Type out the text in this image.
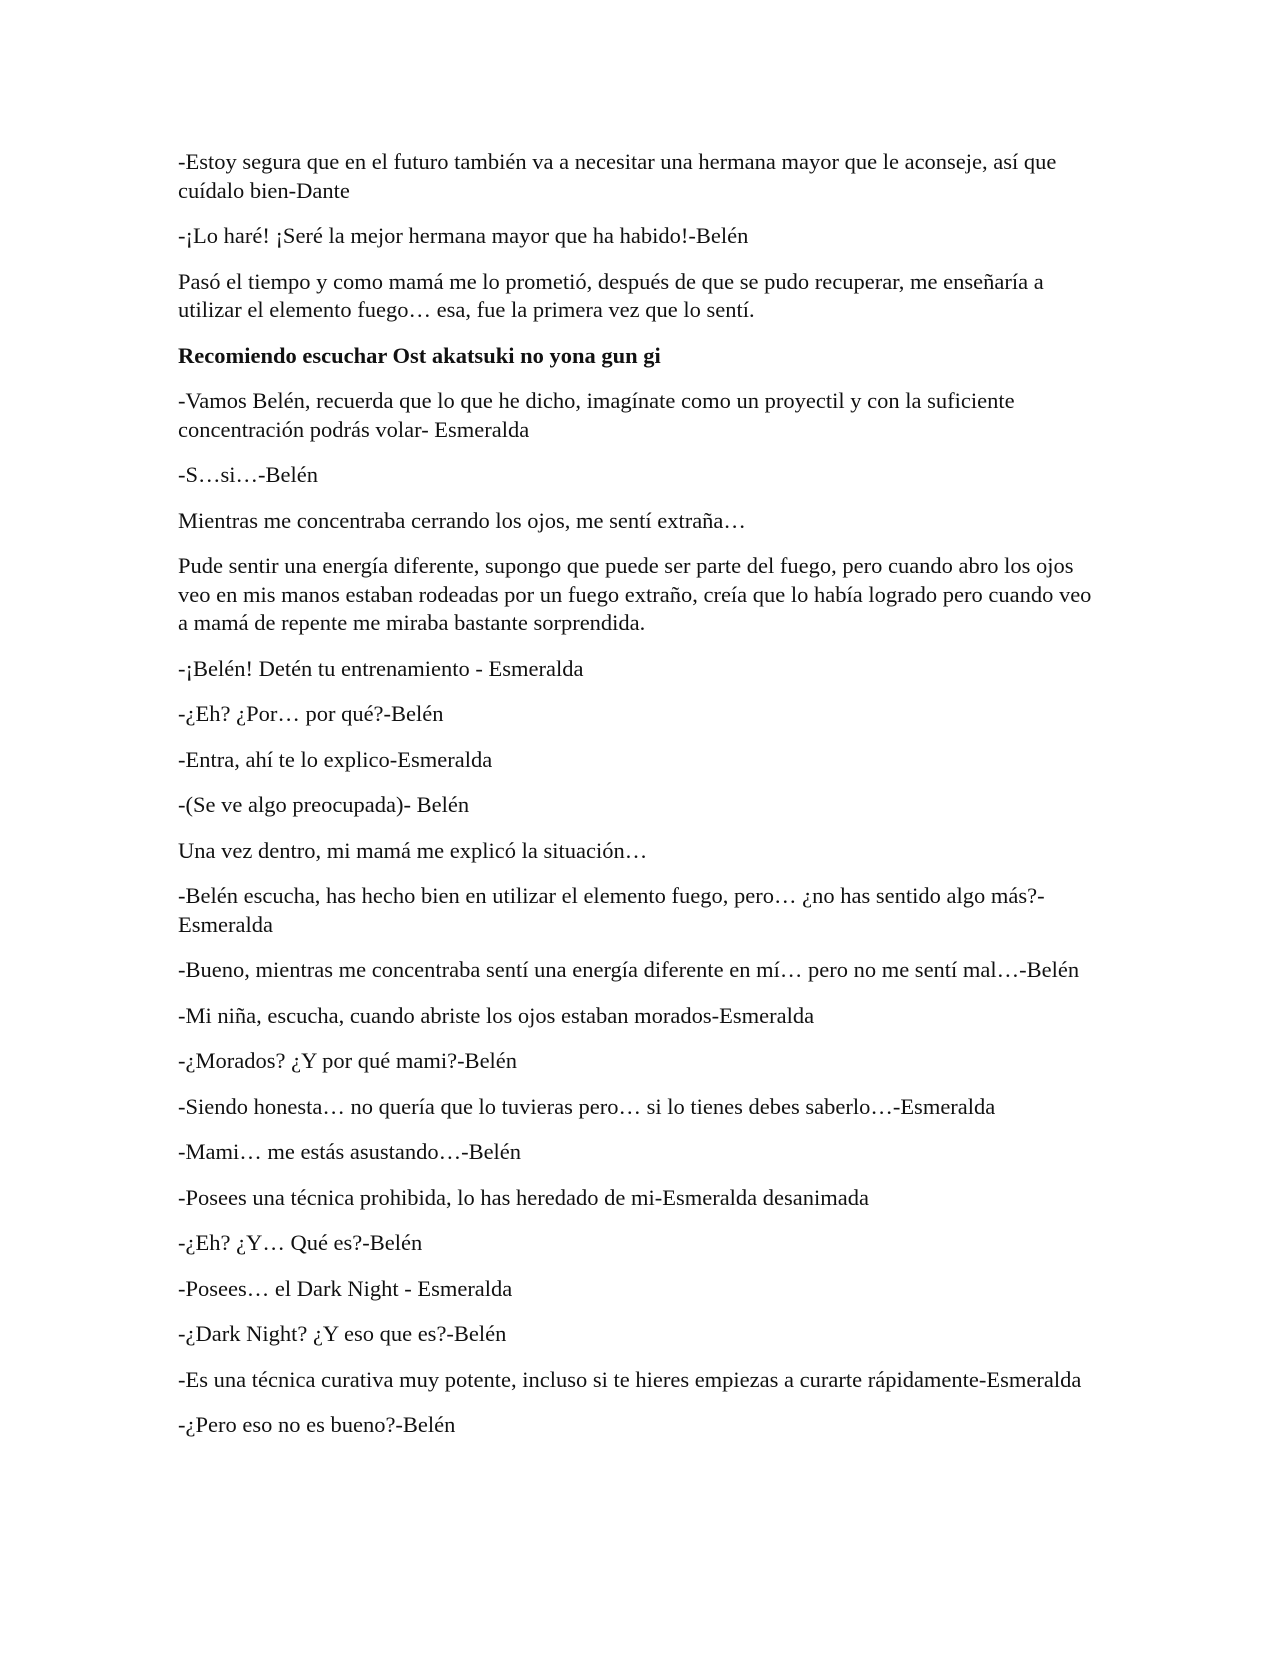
-Estoy segura que en el futuro también va a necesitar una hermana mayor que le aconseje, así que cuídalo bien-Dante

-¡Lo haré! ¡Seré la mejor hermana mayor que ha habido!-Belén

Pasó el tiempo y como mamá me lo prometió, después de que se pudo recuperar, me enseñaría a utilizar el elemento fuego… esa, fue la primera vez que lo sentí.

Recomiendo escuchar Ost akatsuki no yona gun gi

-Vamos Belén, recuerda que lo que he dicho, imagínate como un proyectil y con la suficiente concentración podrás volar- Esmeralda

-S…si…-Belén

Mientras me concentraba cerrando los ojos, me sentí extraña…

Pude sentir una energía diferente, supongo que puede ser parte del fuego, pero cuando abro los ojos veo en mis manos estaban rodeadas por un fuego extraño, creía que lo había logrado pero cuando veo a mamá de repente me miraba bastante sorprendida.

-¡Belén! Detén tu entrenamiento - Esmeralda

-¿Eh? ¿Por… por qué?-Belén

-Entra, ahí te lo explico-Esmeralda

-(Se ve algo preocupada)- Belén

Una vez dentro, mi mamá me explicó la situación…

-Belén escucha, has hecho bien en utilizar el elemento fuego, pero… ¿no has sentido algo más?-Esmeralda

-Bueno, mientras me concentraba sentí una energía diferente en mí… pero no me sentí mal…-Belén

-Mi niña, escucha, cuando abriste los ojos estaban morados-Esmeralda

-¿Morados? ¿Y por qué mami?-Belén

-Siendo honesta… no quería que lo tuvieras pero… si lo tienes debes saberlo…-Esmeralda

-Mami… me estás asustando…-Belén

-Posees una técnica prohibida, lo has heredado de mi-Esmeralda desanimada

-¿Eh? ¿Y… Qué es?-Belén

-Posees… el Dark Night - Esmeralda

-¿Dark Night? ¿Y eso que es?-Belén

-Es una técnica curativa muy potente, incluso si te hieres empiezas a curarte rápidamente-Esmeralda

-¿Pero eso no es bueno?-Belén
